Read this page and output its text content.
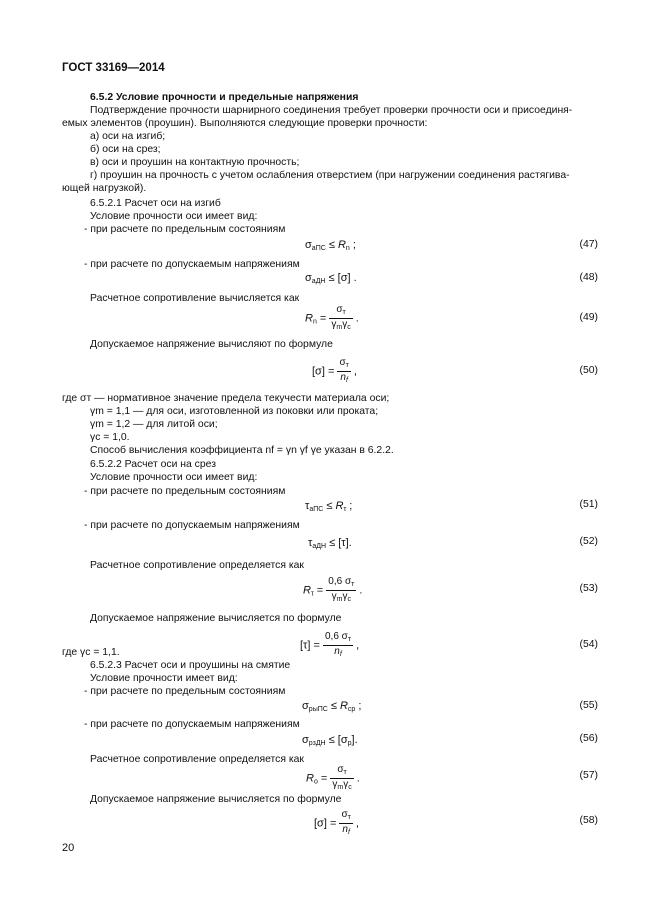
ГОСТ 33169—2014
6.5.2 Условие прочности и предельные напряжения
Подтверждение прочности шарнирного соединения требует проверки прочности оси и присоединя-
емых элементов (проушин). Выполняются следующие проверки прочности:
а) оси на изгиб;
б) оси на срез;
в) оси и проушин на контактную прочность;
г) проушин на прочность с учетом ослабления отверстием (при нагружении соединения растягива-
ющей нагрузкой).
6.5.2.1 Расчет оси на изгиб
Условие прочности оси имеет вид:
- при расчете по предельным состояниям
$\sigma_{аПС} \le R_n$ ;	(47)
- при расчете по допускаемым напряжениям
$\sigma_{аДН} \le [\sigma]$ .	(48)
Расчетное сопротивление вычисляется как
$R_n$ =
$\sigma_т$
$\gamma_m\gamma_c$
.	(49)
Допускаемое напряжение вычисляют по формуле
[σ] =
$\sigma_т$
$n_f$
,	(50)
где σт — нормативное значение предела текучести материала оси;
γm = 1,1 — для оси, изготовленной из поковки или проката;
γm = 1,2 — для литой оси;
γc = 1,0.
Способ вычисления коэффициента nf = γn γf γe указан в 6.2.2.
6.5.2.2 Расчет оси на срез
Условие прочности оси имеет вид:
- при расчете по предельным состояниям
$\tau_{аПС} \le R_\tau$ ;	(51)
- при расчете по допускаемым напряжениям
$\tau_{аДН} \le [\tau]$.	(52)
Расчетное сопротивление определяется как
$R_\tau$ =
0,6 $\sigma_т$
$\gamma_m\gamma_c$
.	(53)
Допускаемое напряжение вычисляется по формуле
[τ] =
0,6 $\sigma_т$
$n_f$
,	(54)
где γc = 1,1.
6.5.2.3 Расчет оси и проушины на смятие
Условие прочности имеет вид:
- при расчете по предельным состояниям
$\sigma_{рыПС} \le R_{ср}$ ;	(55)
- при расчете по допускаемым напряжениям
$\sigma_{рзДН} \le [\sigma_р]$.	(56)
Расчетное сопротивление определяется как
$R_о$ =
$\sigma_т$
$\gamma_m\gamma_c$
.	(57)
Допускаемое напряжение вычисляется по формуле
[σ] =
$\sigma_т$
$n_f$
,	(58)
20
